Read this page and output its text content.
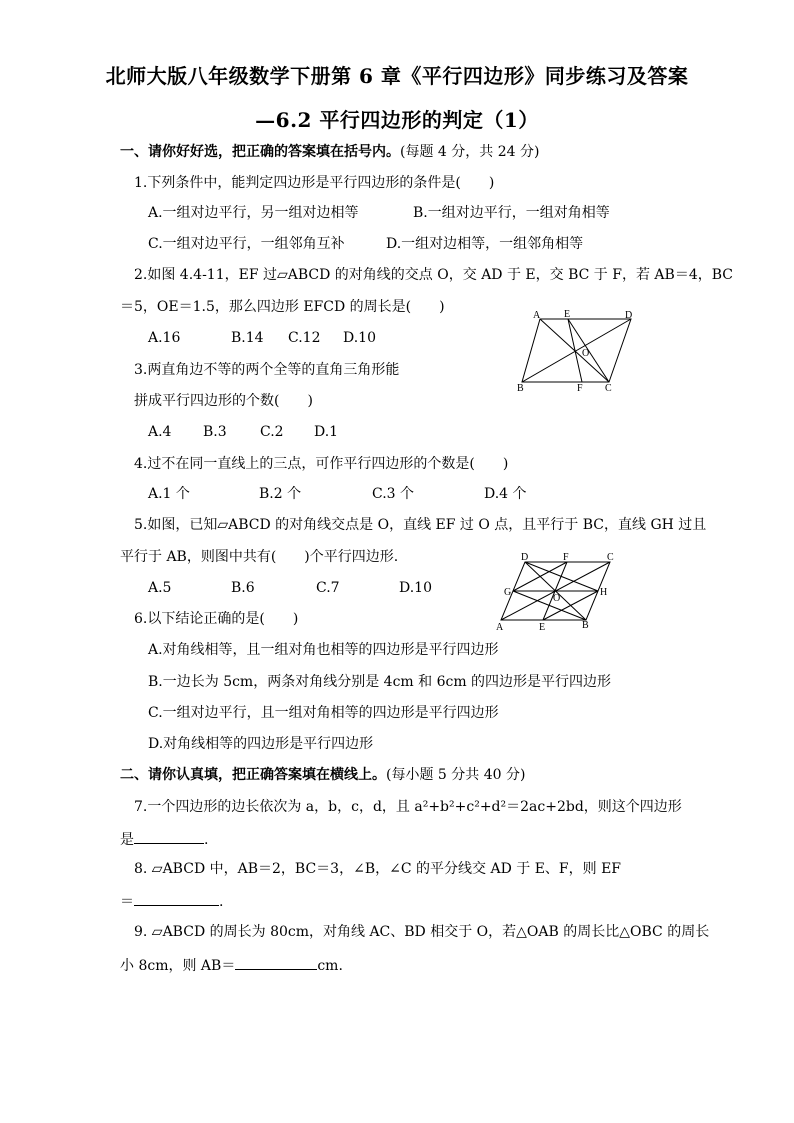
北师大版八年级数学下册第 6 章《平行四边形》同步练习及答案
—6.2 平行四边形的判定（1）
一、请你好好选，把正确的答案填在括号内。(每题 4 分，共 24 分)
1.下列条件中，能判定四边形是平行四边形的条件是(　　)
A.一组对边平行，另一组对边相等	B.一组对边平行，一组对角相等
C.一组对边平行，一组邻角互补	D.一组对边相等，一组邻角相等
2.如图 4.4-11，EF 过▱ABCD 的对角线的交点 O，交 AD 于 E，交 BC 于 F，若 AB＝4，BC
＝5，OE＝1.5，那么四边形 EFCD 的周长是(　　)
A.16	B.14 C.12 D.10
A E	D
O
B	F C
3.两直角边不等的两个全等的直角三角形能
拼成平行四边形的个数(　　)
A.4 B.3 C.2 D.1
4.过不在同一直线上的三点，可作平行四边形的个数是(　　)
A.1 个	B.2 个	C.3 个	D.4 个
5.如图，已知▱ABCD 的对角线交点是 O，直线 EF 过 O 点，且平行于 BC，直线 GH 过且
平行于 AB，则图中共有(　　)个平行四边形.
A.5	B.6	C.7	D.10
D	F	C
G
O
H
A	E	B
6.以下结论正确的是(　　)
A.对角线相等，且一组对角也相等的四边形是平行四边形
B.一边长为 5cm，两条对角线分别是 4cm 和 6cm 的四边形是平行四边形
C.一组对边平行，且一组对角相等的四边形是平行四边形
D.对角线相等的四边形是平行四边形
二、请你认真填，把正确答案填在横线上。(每小题 5 分共 40 分)
7.一个四边形的边长依次为 a，b，c，d，且 a²+b²+c²+d²＝2ac+2bd，则这个四边形
是	.
8. ▱ABCD 中，AB＝2，BC＝3，∠B，∠C 的平分线交 AD 于 E、F，则 EF
＝	.
9. ▱ABCD 的周长为 80cm，对角线 AC、BD 相交于 O，若△OAB 的周长比△OBC 的周长
小 8cm，则 AB＝	cm.
